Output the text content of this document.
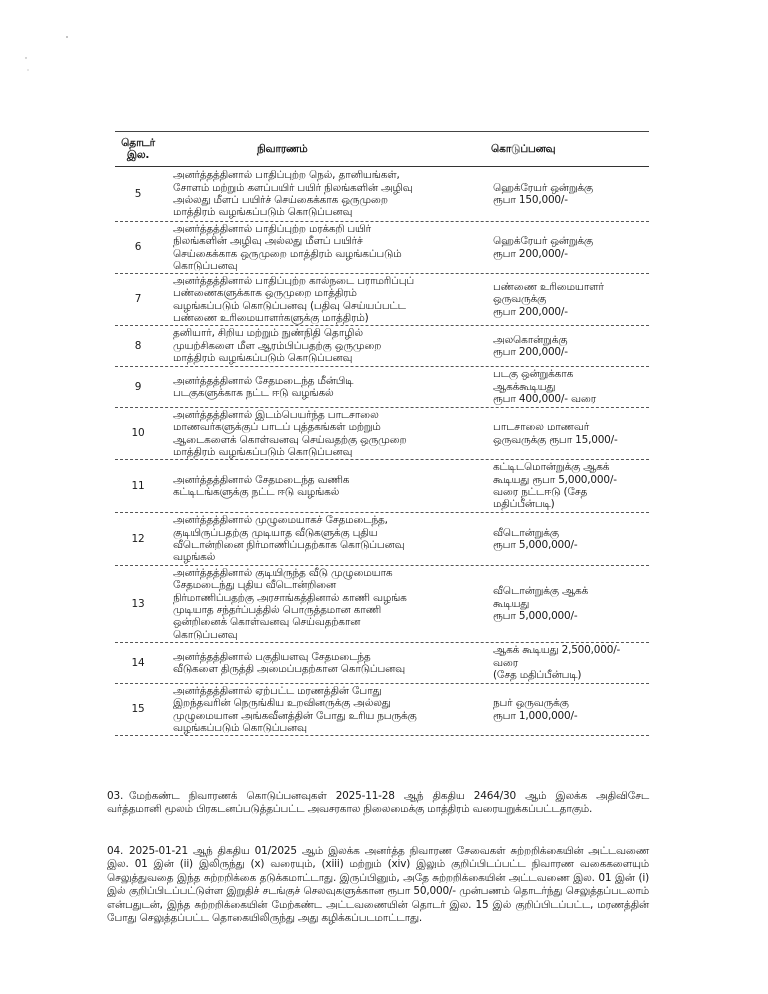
தொடர் இல.
நிவாரணம்	கொடுப்பனவு
5
அனர்த்தத்தினால் பாதிப்புற்ற நெல், தானியங்கள்,
சோளம் மற்றும் களப்பயிர் பயிர் நிலங்களின் அழிவு
அல்லது மீளப் பயிர்ச் செய்கைக்காக ஒருமுறை
மாத்திரம் வழங்கப்படும் கொடுப்பனவு
ஹெக்ரேயர் ஒன்றுக்கு
ரூபா 150,000/-
6
அனர்த்தத்தினால் பாதிப்புற்ற மரக்கறி பயிர்
நிலங்களின் அழிவு அல்லது மீளப் பயிர்ச்
செய்கைக்காக ஒருமுறை மாத்திரம் வழங்கப்படும்
கொடுப்பனவு
ஹெக்ரேயர் ஒன்றுக்கு
ரூபா 200,000/-
7
அனர்த்தத்தினால் பாதிப்புற்ற கால்நடை பராமரிப்புப்
பண்ணைகளுக்காக ஒருமுறை மாத்திரம்
வழங்கப்படும் கொடுப்பனவு (பதிவு செய்யப்பட்ட
பண்ணை உரிமையாளர்களுக்கு மாத்திரம்)
பண்ணை உரிமையாளர்
ஒருவருக்கு
ரூபா 200,000/-
8
தனியார், சிறிய மற்றும் நுண்நிதி தொழில்
முயற்சிகளை மீள ஆரம்பிப்பதற்கு ஒருமுறை
மாத்திரம் வழங்கப்படும் கொடுப்பனவு
அலகொன்றுக்கு
ரூபா 200,000/-
9
அனர்த்தத்தினால் சேதமடைந்த மீன்பிடி
படகுகளுக்காக நட்ட ஈடு வழங்கல்
படகு ஒன்றுக்காக
ஆகக்கூடியது
ரூபா 400,000/- வரை
10
அனர்த்தத்தினால் இடம்பெயர்ந்த பாடசாலை
மாணவர்களுக்குப் பாடப் புத்தகங்கள் மற்றும்
ஆடைகளைக் கொள்வனவு செய்வதற்கு ஒருமுறை
மாத்திரம் வழங்கப்படும் கொடுப்பனவு
பாடசாலை மாணவர்
ஒருவருக்கு ரூபா 15,000/-
11
அனர்த்தத்தினால் சேதமடைந்த வணிக
கட்டிடங்களுக்கு நட்ட ஈடு வழங்கல்
கட்டிடமொன்றுக்கு ஆகக்
கூடியது ரூபா 5,000,000/-
வரை நட்டஈடு (சேத
மதிப்பீன்படி)
12
அனர்த்தத்தினால் முழுமையாகச் சேதமடைந்த,
குடியிருப்பதற்கு முடியாத வீடுகளுக்கு புதிய
வீடொன்றினை நிர்மாணிப்பதற்காக கொடுப்பனவு
வழங்கல்
வீடொன்றுக்கு
ரூபா 5,000,000/-
13
அனர்த்தத்தினால் குடியிருந்த வீடு முழுமையாக
சேதமடைந்து புதிய வீடொன்றினை
நிர்மாணிப்பதற்கு அரசாங்கத்தினால் காணி வழங்க
முடியாத சந்தர்ப்பத்தில் பொருத்தமான காணி
ஒன்றினைக் கொள்வனவு செய்வதற்கான
கொடுப்பனவு
வீடொன்றுக்கு ஆகக்
கூடியது
ரூபா 5,000,000/-
14
அனர்த்தத்தினால் பகுதியளவு சேதமடைந்த
வீடுகளை திருத்தி அமைப்பதற்கான கொடுப்பனவு
ஆகக் கூடியது 2,500,000/-
வரை
(சேத மதிப்பீன்படி)
15
அனர்த்தத்தினால் ஏற்பட்ட மரணத்தின் போது
இறந்தவரின் நெருங்கிய உறவினருக்கு அல்லது
முழுமையான அங்கவீனத்தின் போது உரிய நபருக்கு
வழங்கப்படும் கொடுப்பனவு
நபர் ஒருவருக்கு
ரூபா 1,000,000/-
03. மேற்கண்ட நிவாரணக் கொடுப்பனவுகள் 2025-11-28 ஆந் திகதிய 2464/30 ஆம் இலக்க அதிவிசேட வர்த்தமானி மூலம் பிரகடனப்படுத்தப்பட்ட அவசரகால நிலைமைக்கு மாத்திரம் வரையறுக்கப்பட்டதாகும்.
04. 2025-01-21 ஆந் திகதிய 01/2025 ஆம் இலக்க அனர்த்த நிவாரண சேவைகள் சுற்றறிக்கையின் அட்டவணை இல. 01 இன் (ii) இலிருந்து (x) வரையும், (xiii) மற்றும் (xiv) இலும் குறிப்பிடப்பட்ட நிவாரண வகைகளையும் செலுத்துவதை இந்த சுற்றறிக்கை தடுக்கமாட்டாது. இருப்பினும், அதே சுற்றறிக்கையின் அட்டவணை இல. 01 இன் (i) இல் குறிப்பிடப்பட்டுள்ள இறுதிச் சடங்குச் செலவுகளுக்கான ரூபா 50,000/- முன்பணம் தொடர்ந்து செலுத்தப்படலாம் என்பதுடன், இந்த சுற்றறிக்கையின் மேற்கண்ட அட்டவணையின் தொடர் இல. 15 இல் குறிப்பிடப்பட்ட, மரணத்தின் போது செலுத்தப்பட்ட தொகையிலிருந்து அது கழிக்கப்படமாட்டாது.
